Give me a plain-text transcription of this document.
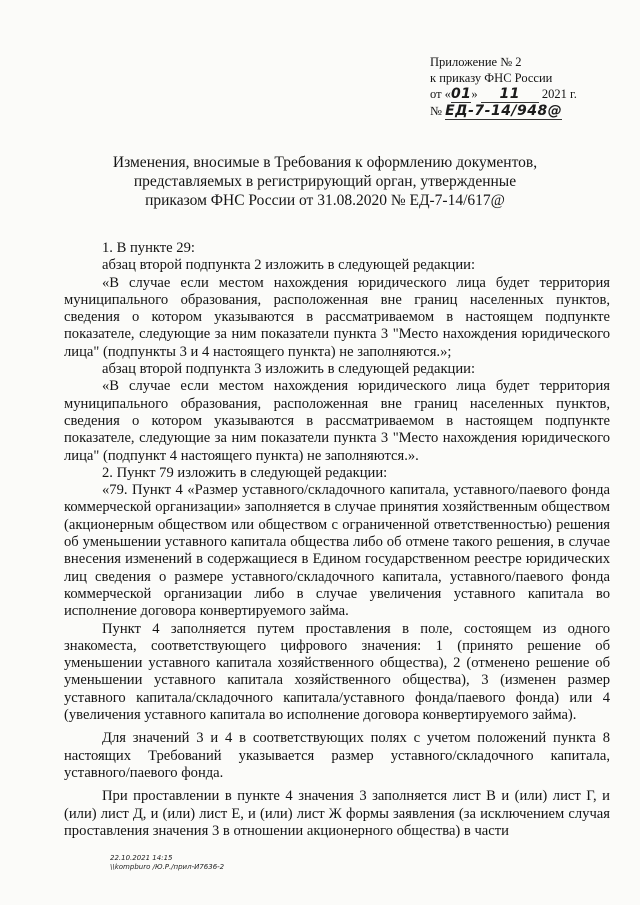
Приложение № 2
к приказу ФНС России
от «01» 11 2021 г.
№ ЕД-7-14/948@
Изменения, вносимые в Требования к оформлению документов,
представляемых в регистрирующий орган, утвержденные
приказом ФНС России от 31.08.2020 № ЕД-7-14/617@

1. В пункте 29:

абзац второй подпункта 2 изложить в следующей редакции:

«В случае если местом нахождения юридического лица будет территория муниципального образования, расположенная вне границ населенных пунктов, сведения о котором указываются в рассматриваемом в настоящем подпункте показателе, следующие за ним показатели пункта 3 "Место нахождения юридического лица" (подпункты 3 и 4 настоящего пункта) не заполняются.»;

абзац второй подпункта 3 изложить в следующей редакции:

«В случае если местом нахождения юридического лица будет территория муниципального образования, расположенная вне границ населенных пунктов, сведения о котором указываются в рассматриваемом в настоящем подпункте показателе, следующие за ним показатели пункта 3 "Место нахождения юридического лица" (подпункт 4 настоящего пункта) не заполняются.».

2. Пункт 79 изложить в следующей редакции:

«79. Пункт 4 «Размер уставного/складочного капитала, уставного/паевого фонда коммерческой организации» заполняется в случае принятия хозяйственным обществом (акционерным обществом или обществом с ограниченной ответственностью) решения об уменьшении уставного капитала общества либо об отмене такого решения, в случае внесения изменений в содержащиеся в Едином государственном реестре юридических лиц сведения о размере уставного/складочного капитала, уставного/паевого фонда коммерческой организации либо в случае увеличения уставного капитала во исполнение договора конвертируемого займа.

Пункт 4 заполняется путем проставления в поле, состоящем из одного знакоместа, соответствующего цифрового значения: 1 (принято решение об уменьшении уставного капитала хозяйственного общества), 2 (отменено решение об уменьшении уставного капитала хозяйственного общества), 3 (изменен размер уставного капитала/складочного капитала/уставного фонда/паевого фонда) или 4 (увеличения уставного капитала во исполнение договора конвертируемого займа).

Для значений 3 и 4 в соответствующих полях с учетом положений пункта 8 настоящих Требований указывается размер уставного/складочного капитала, уставного/паевого фонда.

При проставлении в пункте 4 значения 3 заполняется лист В и (или) лист Г, и (или) лист Д, и (или) лист Е, и (или) лист Ж формы заявления (за исключением случая проставления значения 3 в отношении акционерного общества) в части

22.10.2021 14:15
\\kompburo /Ю.Р./прил-И7636-2
